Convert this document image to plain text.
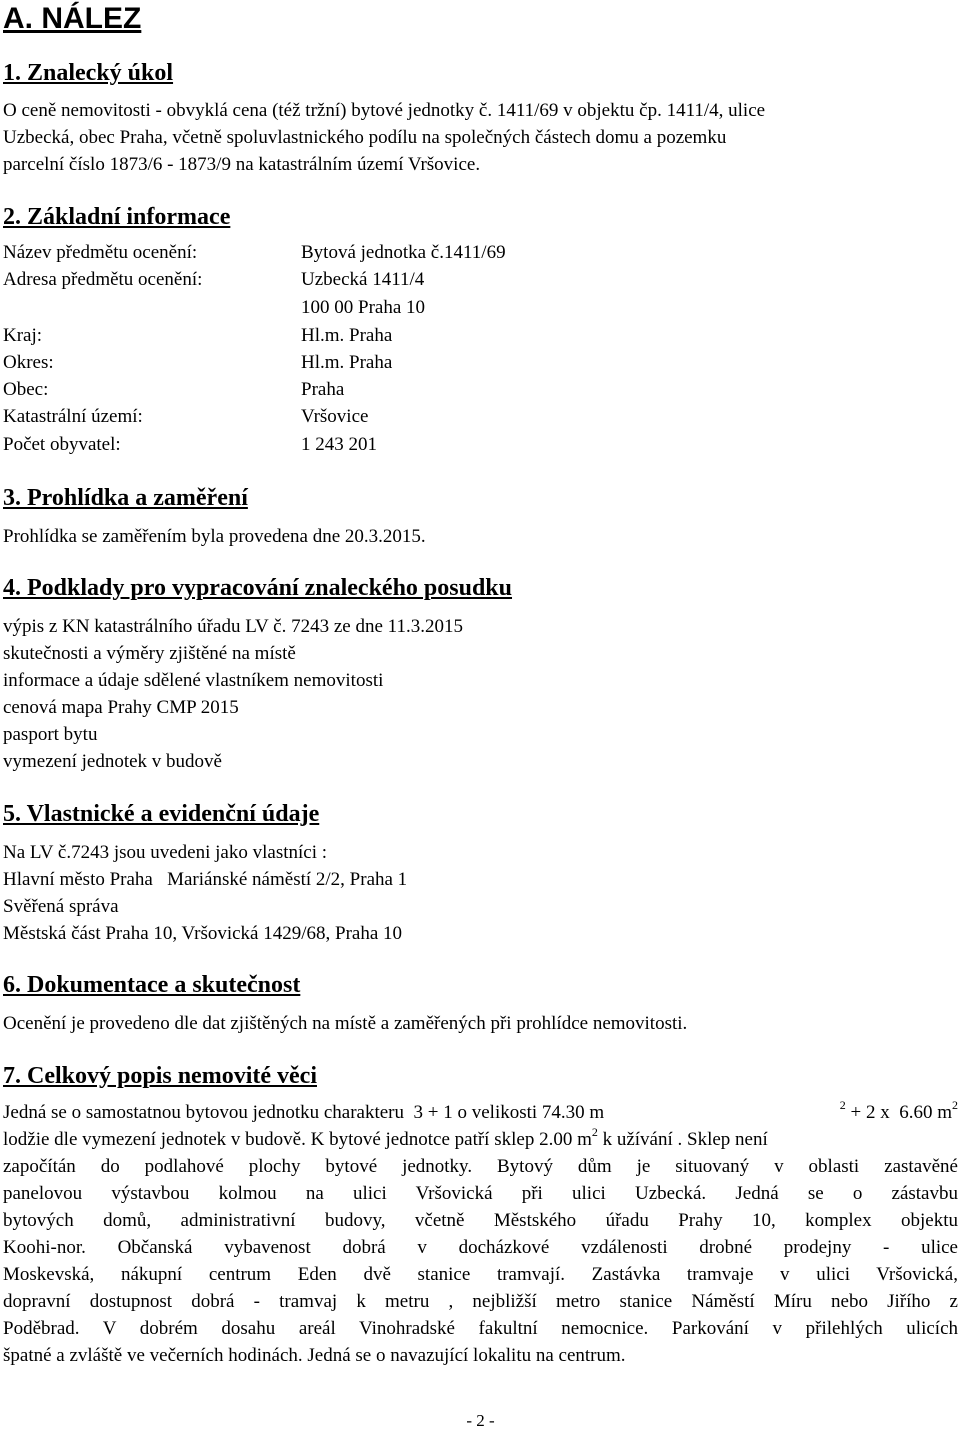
A. NÁLEZ
1. Znalecký úkol
O ceně nemovitosti - obvyklá cena (též tržní) bytové jednotky č. 1411/69 v objektu čp. 1411/4, ulice
Uzbecká, obec Praha, včetně spoluvlastnického podílu na společných částech domu a pozemku
parcelní číslo 1873/6 - 1873/9 na katastrálním území Vršovice.
2. Základní informace
Název předmětu ocenění:	Bytová jednotka č.1411/69
Adresa předmětu ocenění:	Uzbecká 1411/4
100 00 Praha 10
Kraj:	Hl.m. Praha
Okres:	Hl.m. Praha
Obec:	Praha
Katastrální území:	Vršovice
Počet obyvatel:	1 243 201
3. Prohlídka a zaměření
Prohlídka se zaměřením byla provedena dne 20.3.2015.
4. Podklady pro vypracování znaleckého posudku
výpis z KN katastrálního úřadu LV č. 7243 ze dne 11.3.2015
skutečnosti a výměry zjištěné na místě
informace a údaje sdělené vlastníkem nemovitosti
cenová mapa Prahy CMP 2015
pasport bytu
vymezení jednotek v budově
5. Vlastnické a evidenční údaje
Na LV č.7243 jsou uvedeni jako vlastníci :
Hlavní město Praha   Mariánské náměstí 2/2, Praha 1
Svěřená správa
Městská část Praha 10, Vršovická 1429/68, Praha 10
6. Dokumentace a skutečnost
Ocenění je provedeno dle dat zjištěných na místě a zaměřených při prohlídce nemovitosti.
7. Celkový popis nemovité věci
Jedná se o samostatnou bytovou jednotku charakteru  3 + 1 o velikosti 74.30 m	$^2$ + 2 x  6.60 $m^2$
lodžie dle vymezení jednotek v budově. K bytové jednotce patří sklep 2.00 $m^2$ k užívání . Sklep není
započítán do podlahové plochy bytové jednotky. Bytový dům je situovaný v oblasti zastavěné
panelovou výstavbou kolmou na ulici Vršovická při ulici Uzbecká. Jedná se o zástavbu
bytových domů, administrativní budovy, včetně Městského úřadu Prahy 10, komplex objektu
Koohi-nor. Občanská vybavenost dobrá v docházkové vzdálenosti drobné prodejny - ulice
Moskevská, nákupní centrum Eden dvě stanice tramvají. Zastávka tramvaje v ulici Vršovická,
dopravní dostupnost dobrá - tramvaj k metru , nejbližší metro stanice Náměstí Míru nebo Jiřího z
Poděbrad. V dobrém dosahu areál Vinohradské fakultní nemocnice. Parkování v přilehlých ulicích
špatné a zvláště ve večerních hodinách. Jedná se o navazující lokalitu na centrum.
- 2 -
